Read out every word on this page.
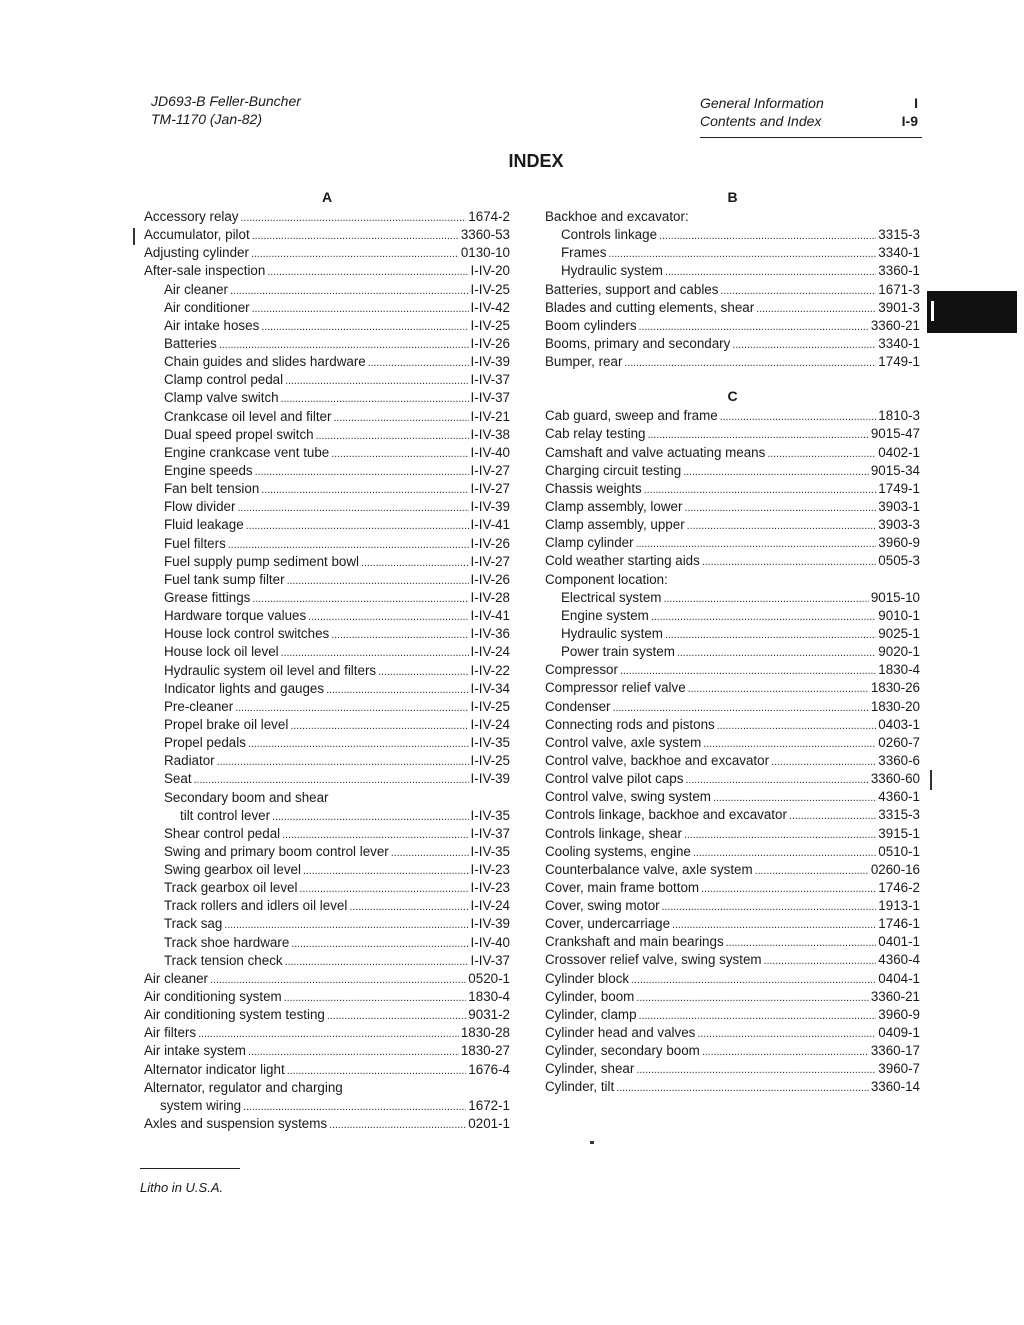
JD693-B Feller-Buncher
TM-1170 (Jan-82)
General Information	I
Contents and Index	I-9
INDEX
A
Accessory relay . . .	1674-2
Accumulator, pilot . . .	3360-53
Adjusting cylinder . . .	0130-10
After-sale inspection . . .	I-IV-20
Air cleaner . . .	I-IV-25
Air conditioner . . .	I-IV-42
Air intake hoses . . .	I-IV-25
Batteries . . .	I-IV-26
Chain guides and slides hardware . . .	I-IV-39
Clamp control pedal . . .	I-IV-37
Clamp valve switch . . .	I-IV-37
Crankcase oil level and filter . . .	I-IV-21
Dual speed propel switch . . .	I-IV-38
Engine crankcase vent tube . . .	I-IV-40
Engine speeds . . .	I-IV-27
Fan belt tension . . .	I-IV-27
Flow divider . . .	I-IV-39
Fluid leakage . . .	I-IV-41
Fuel filters . . .	I-IV-26
Fuel supply pump sediment bowl . . .	I-IV-27
Fuel tank sump filter . . .	I-IV-26
Grease fittings . . .	I-IV-28
Hardware torque values . . .	I-IV-41
House lock control switches . . .	I-IV-36
House lock oil level . . .	I-IV-24
Hydraulic system oil level and filters . . .	I-IV-22
Indicator lights and gauges . . .	I-IV-34
Pre-cleaner . . .	I-IV-25
Propel brake oil level . . .	I-IV-24
Propel pedals . . .	I-IV-35
Radiator . . .	I-IV-25
Seat . . .	I-IV-39
Secondary boom and shear
tilt control lever . . .	I-IV-35
Shear control pedal . . .	I-IV-37
Swing and primary boom control lever . . .	I-IV-35
Swing gearbox oil level . . .	I-IV-23
Track gearbox oil level . . .	I-IV-23
Track rollers and idlers oil level . . .	I-IV-24
Track sag . . .	I-IV-39
Track shoe hardware . . .	I-IV-40
Track tension check . . .	I-IV-37
Air cleaner . . .	0520-1
Air conditioning system . . .	1830-4
Air conditioning system testing . . .	9031-2
Air filters . . .	1830-28
Air intake system . . .	1830-27
Alternator indicator light . . .	1676-4
Alternator, regulator and charging
system wiring . . .	1672-1
Axles and suspension systems . . .	0201-1
B
Backhoe and excavator:
Controls linkage . . .	3315-3
Frames . . .	3340-1
Hydraulic system . . .	3360-1
Batteries, support and cables . . .	1671-3
Blades and cutting elements, shear . . .	3901-3
Boom cylinders . . .	3360-21
Booms, primary and secondary . . .	3340-1
Bumper, rear . . .	1749-1
C
Cab guard, sweep and frame . . .	1810-3
Cab relay testing . . .	9015-47
Camshaft and valve actuating means . . .	0402-1
Charging circuit testing . . .	9015-34
Chassis weights . . .	1749-1
Clamp assembly, lower . . .	3903-1
Clamp assembly, upper . . .	3903-3
Clamp cylinder . . .	3960-9
Cold weather starting aids . . .	0505-3
Component location:
Electrical system . . .	9015-10
Engine system . . .	9010-1
Hydraulic system . . .	9025-1
Power train system . . .	9020-1
Compressor . . .	1830-4
Compressor relief valve . . .	1830-26
Condenser . . .	1830-20
Connecting rods and pistons . . .	0403-1
Control valve, axle system . . .	0260-7
Control valve, backhoe and excavator . . .	3360-6
Control valve pilot caps . . .	3360-60
Control valve, swing system . . .	4360-1
Controls linkage, backhoe and excavator . . .	3315-3
Controls linkage, shear . . .	3915-1
Cooling systems, engine . . .	0510-1
Counterbalance valve, axle system . . .	0260-16
Cover, main frame bottom . . .	1746-2
Cover, swing motor . . .	1913-1
Cover, undercarriage . . .	1746-1
Crankshaft and main bearings . . .	0401-1
Crossover relief valve, swing system . . .	4360-4
Cylinder block . . .	0404-1
Cylinder, boom . . .	3360-21
Cylinder, clamp . . .	3960-9
Cylinder head and valves . . .	0409-1
Cylinder, secondary boom . . .	3360-17
Cylinder, shear . . .	3960-7
Cylinder, tilt . . .	3360-14
Litho in U.S.A.
